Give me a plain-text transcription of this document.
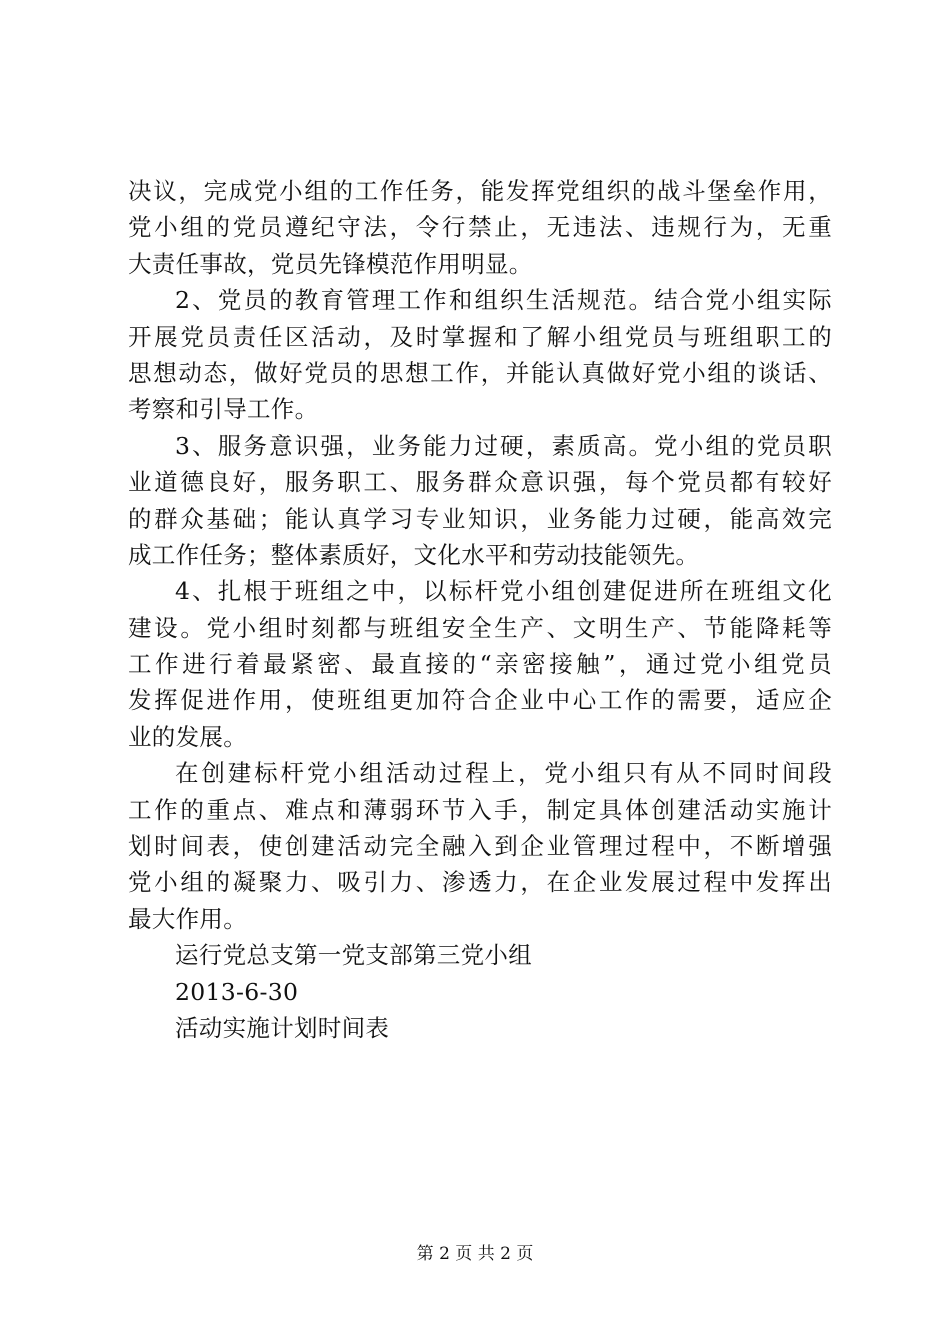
决议，完成党小组的工作任务，能发挥党组织的战斗堡垒作用，
党小组的党员遵纪守法，令行禁止，无违法、违规行为，无重
大责任事故，党员先锋模范作用明显。
2、党员的教育管理工作和组织生活规范。结合党小组实际
开展党员责任区活动，及时掌握和了解小组党员与班组职工的
思想动态，做好党员的思想工作，并能认真做好党小组的谈话、
考察和引导工作。
3、服务意识强，业务能力过硬，素质高。党小组的党员职
业道德良好，服务职工、服务群众意识强，每个党员都有较好
的群众基础；能认真学习专业知识，业务能力过硬，能高效完
成工作任务；整体素质好，文化水平和劳动技能领先。
4、扎根于班组之中，以标杆党小组创建促进所在班组文化
建设。党小组时刻都与班组安全生产、文明生产、节能降耗等
工作进行着最紧密、最直接的“亲密接触”，通过党小组党员
发挥促进作用，使班组更加符合企业中心工作的需要，适应企
业的发展。
在创建标杆党小组活动过程上，党小组只有从不同时间段
工作的重点、难点和薄弱环节入手，制定具体创建活动实施计
划时间表，使创建活动完全融入到企业管理过程中，不断增强
党小组的凝聚力、吸引力、渗透力，在企业发展过程中发挥出
最大作用。
运行党总支第一党支部第三党小组
2013-6-30
活动实施计划时间表
第 2 页 共 2 页
